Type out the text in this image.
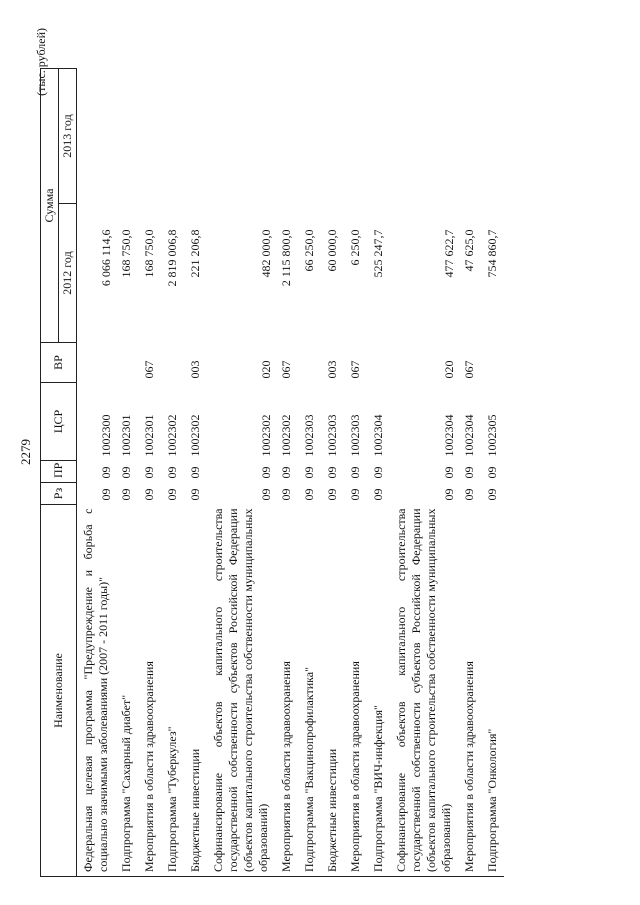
2279
(тыс. рублей)
Наименование	Рз	ПР	ЦСР	ВР	Сумма	
					2012 год	2013 год
Федеральная целевая программа "Предупреждение и борьба с социально значимыми заболеваниями (2007 - 2011 годы)"	09	09	1002300		6 066 114,6	
Подпрограмма "Сахарный диабет"	09	09	1002301		168 750,0	
Мероприятия в области здравоохранения	09	09	1002301	067	168 750,0	
Подпрограмма "Туберкулез"	09	09	1002302		2 819 006,8	
Бюджетные инвестиции	09	09	1002302	003	221 206,8	
Софинансирование объектов капитального строительства государственной собственности субъектов Российской Федерации (объектов капитального строительства собственности муниципальных образований)	09	09	1002302	020	482 000,0	
Мероприятия в области здравоохранения	09	09	1002302	067	2 115 800,0	
Подпрограмма "Вакцинопрофилактика"	09	09	1002303		66 250,0	
Бюджетные инвестиции	09	09	1002303	003	60 000,0	
Мероприятия в области здравоохранения	09	09	1002303	067	6 250,0	
Подпрограмма "ВИЧ-инфекция"	09	09	1002304		525 247,7	
Софинансирование объектов капитального строительства государственной собственности субъектов Российской Федерации (объектов капитального строительства собственности муниципальных образований)	09	09	1002304	020	477 622,7	
Мероприятия в области здравоохранения	09	09	1002304	067	47 625,0	
Подпрограмма "Онкология"	09	09	1002305		754 860,7	
